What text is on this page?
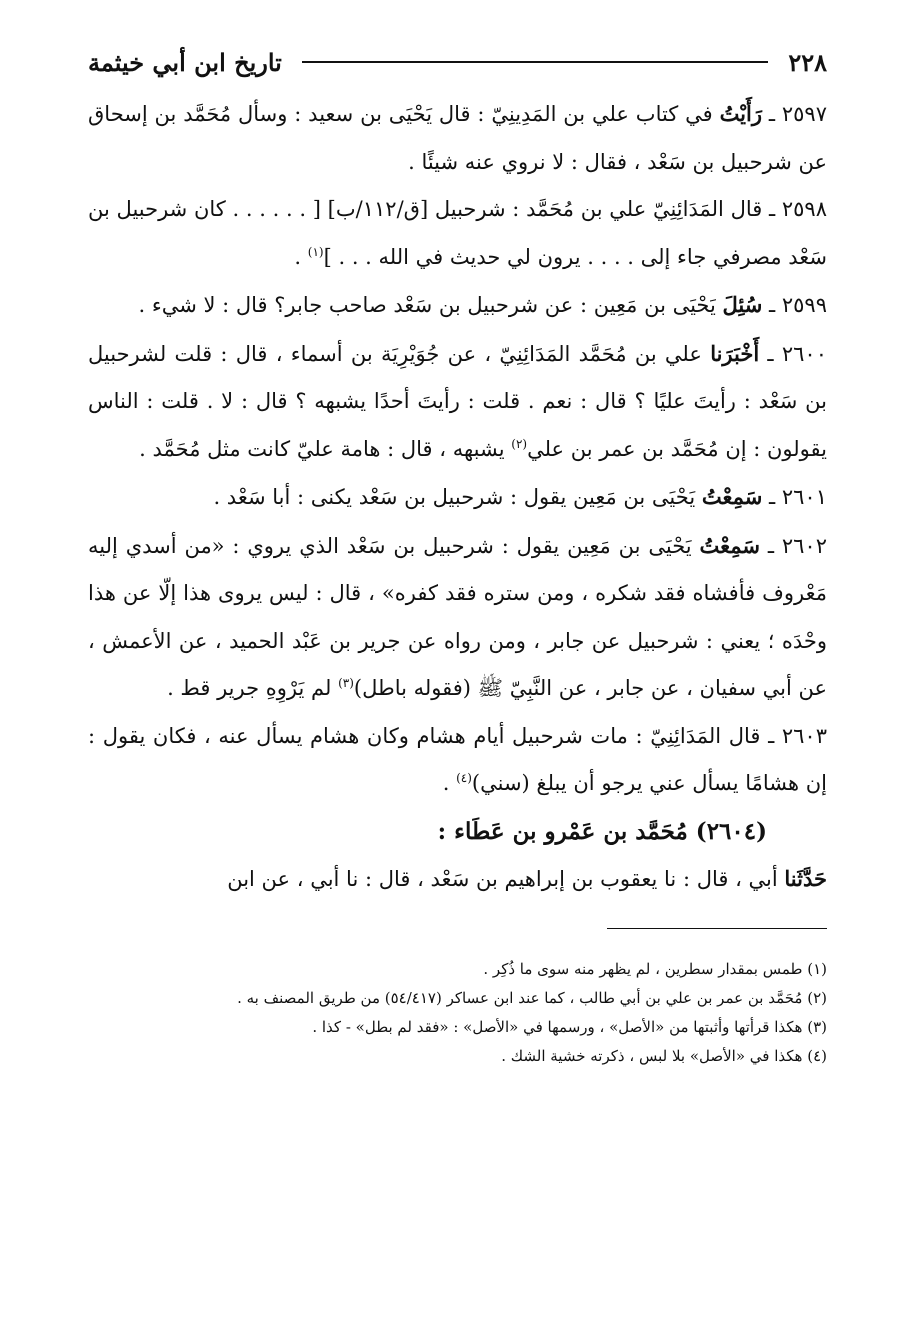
٢٢٨
تاريخ ابن أبي خيثمة

٢٥٩٧ ـ رَأَيْتُ في كتاب علي بن المَدِينِيّ : قال يَحْيَى بن سعيد : وسأل مُحَمَّد بن إسحاق عن شرحبيل بن سَعْد ، فقال : لا نروي عنه شيئًا .

٢٥٩٨ ـ قال المَدَائِنِيّ علي بن مُحَمَّد : شرحبيل [ق/١١٢/ب] [ . . . . . . كان شرحبيل بن سَعْد مصرفي جاء إلى . . . . يرون لي حديث في الله . . . ]$^{(١)}$ .

٢٥٩٩ ـ سُئِلَ يَحْيَى بن مَعِين : عن شرحبيل بن سَعْد صاحب جابر؟ قال : لا شيء .

٢٦٠٠ ـ أَخْبَرَنا علي بن مُحَمَّد المَدَائِنِيّ ، عن جُوَيْرِيَة بن أسماء ، قال : قلت لشرحبيل بن سَعْد : رأيتَ عليًا ؟ قال : نعم . قلت : رأيتَ أحدًا يشبهه ؟ قال : لا . قلت : الناس يقولون : إن مُحَمَّد بن عمر بن علي$^{(٢)}$ يشبهه ، قال : هامة عليّ كانت مثل مُحَمَّد .

٢٦٠١ ـ سَمِعْتُ يَحْيَى بن مَعِين يقول : شرحبيل بن سَعْد يكنى : أبا سَعْد .

٢٦٠٢ ـ سَمِعْتُ يَحْيَى بن مَعِين يقول : شرحبيل بن سَعْد الذي يروي : «من أسدي إليه مَعْروف فأفشاه فقد شكره ، ومن ستره فقد كفره» ، قال : ليس يروى هذا إلّا عن هذا وحْدَه ؛ يعني : شرحبيل عن جابر ، ومن رواه عن جرير بن عَبْد الحميد ، عن الأعمش ، عن أبي سفيان ، عن جابر ، عن النَّبِيّ ﷺ (فقوله باطل)$^{(٣)}$ لم يَرْوِهِ جرير قط .

٢٦٠٣ ـ قال المَدَائِنِيّ : مات شرحبيل أيام هشام وكان هشام يسأل عنه ، فكان يقول : إن هشامًا يسأل عني يرجو أن يبلغ (سني)$^{(٤)}$ .

(٢٦٠٤) مُحَمَّد بن عَمْرو بن عَطَاء :

حَدَّثَنا أبي ، قال : نا يعقوب بن إبراهيم بن سَعْد ، قال : نا أبي ، عن ابن

(١) طمس بمقدار سطرين ، لم يظهر منه سوى ما ذُكِر .

(٢) مُحَمَّد بن عمر بن علي بن أبي طالب ، كما عند ابن عساكر (٥٤/٤١٧) من طريق المصنف به .

(٣) هكذا قرأتها وأثبتها من «الأصل» ، ورسمها في «الأصل» : «فقد لم بطل» - كذا .

(٤) هكذا في «الأصل» بلا لبس ، ذكرته خشية الشك .
